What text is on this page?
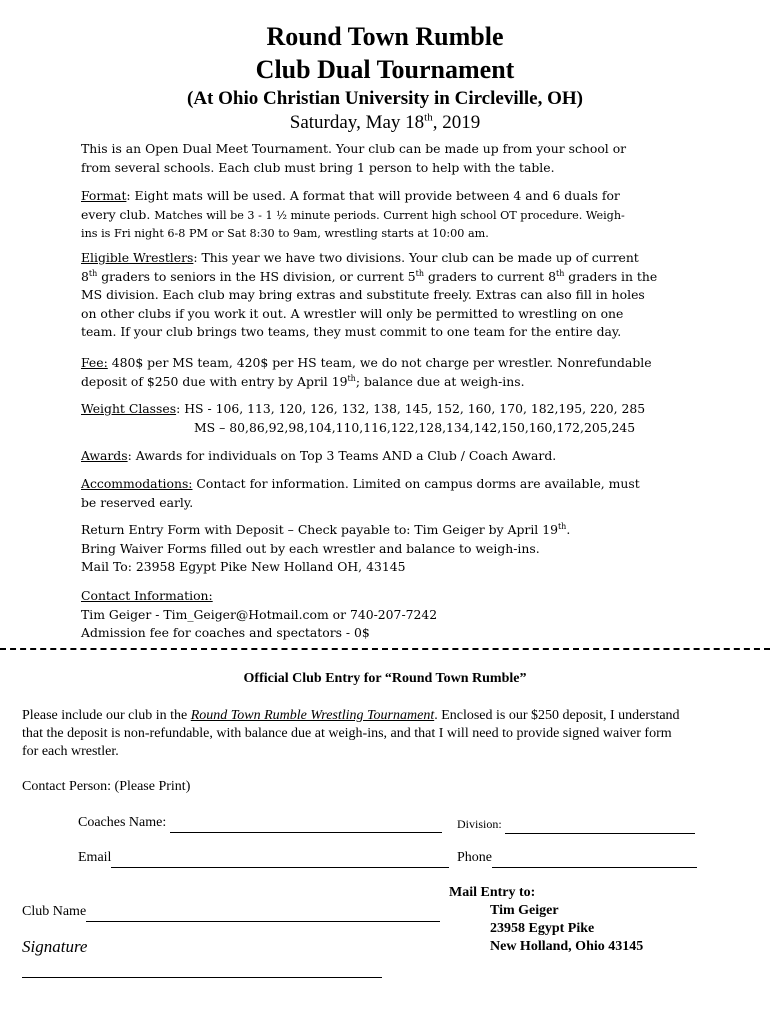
Round Town Rumble
Club Dual Tournament
(At Ohio Christian University in Circleville, OH)
Saturday, May 18th, 2019
This is an Open Dual Meet Tournament. Your club can be made up from your school or
from several schools. Each club must bring 1 person to help with the table.
Format: Eight mats will be used. A format that will provide between 4 and 6 duals for
every club. Matches will be 3 - 1 ½ minute periods. Current high school OT procedure. Weigh-
ins is Fri night 6-8 PM or Sat 8:30 to 9am, wrestling starts at 10:00 am.
Eligible Wrestlers: This year we have two divisions. Your club can be made up of current
8th graders to seniors in the HS division, or current 5th graders to current 8th graders in the
MS division. Each club may bring extras and substitute freely. Extras can also fill in holes
on other clubs if you work it out. A wrestler will only be permitted to wrestling on one
team. If your club brings two teams, they must commit to one team for the entire day.
Fee: 480$ per MS team, 420$ per HS team, we do not charge per wrestler. Nonrefundable
deposit of $250 due with entry by April 19th; balance due at weigh-ins.
Weight Classes: HS - 106, 113, 120, 126, 132, 138, 145, 152, 160, 170, 182,195, 220, 285
MS – 80,86,92,98,104,110,116,122,128,134,142,150,160,172,205,245
Awards: Awards for individuals on Top 3 Teams AND a Club / Coach Award.
Accommodations: Contact for information. Limited on campus dorms are available, must
be reserved early.
Return Entry Form with Deposit – Check payable to: Tim Geiger by April 19th.
Bring Waiver Forms filled out by each wrestler and balance to weigh-ins.
Mail To: 23958 Egypt Pike New Holland OH, 43145
Contact Information:
Tim Geiger - Tim_Geiger@Hotmail.com or 740-207-7242
Admission fee for coaches and spectators - 0$
Official Club Entry for “Round Town Rumble”
Please include our club in the Round Town Rumble Wrestling Tournament. Enclosed is our $250 deposit, I understand
that the deposit is non-refundable, with balance due at weigh-ins, and that I will need to provide signed waiver form
for each wrestler.
Contact Person: (Please Print)
Coaches Name:	Division:
Email	Phone
Club Name
Signature
Mail Entry to:
Tim Geiger
23958 Egypt Pike
New Holland, Ohio 43145
